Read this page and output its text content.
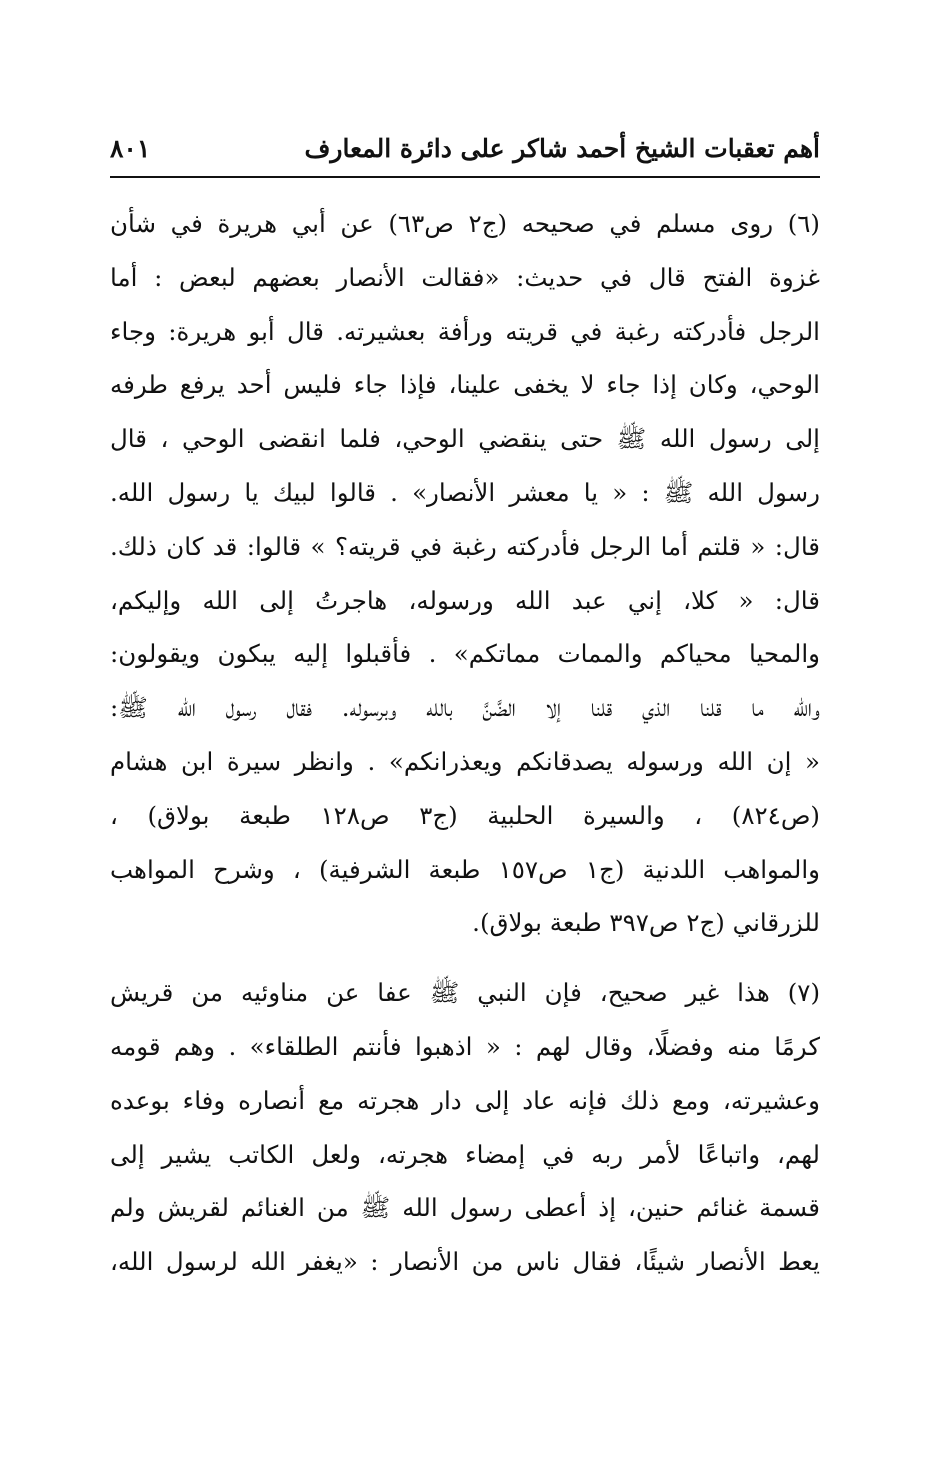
أهم تعقبات الشيخ أحمد شاكر على دائرة المعارف
٨٠١
(٦) روى مسلم في صحيحه (ج٢ ص٦٣) عن أبي هريرة في شأن
غزوة الفتح قال في حديث: «فقالت الأنصار بعضهم لبعض : أما
الرجل فأدركته رغبة في قريته ورأفة بعشيرته. قال أبو هريرة: وجاء
الوحي، وكان إذا جاء لا يخفى علينا، فإذا جاء فليس أحد يرفع طرفه
إلى رسول الله ﷺ حتى ينقضي الوحي، فلما انقضى الوحي ، قال
رسول الله ﷺ : « يا معشر الأنصار» . قالوا لبيك يا رسول الله.
قال: « قلتم أما الرجل فأدركته رغبة في قريته؟ » قالوا: قد كان ذلك.
قال: « كلا، إني عبد الله ورسوله، هاجرتُ إلى الله وإليكم،
والمحيا محياكم والممات مماتكم» . فأقبلوا إليه يبكون ويقولون:
والله ما قلنا الذي قلنا إلا الضَّنَّ بالله وبرسوله. فقال رسول الله ﷺ:
« إن الله ورسوله يصدقانكم ويعذرانكم» . وانظر سيرة ابن هشام
(ص٨٢٤) ، والسيرة الحلبية (ج٣ ص١٢٨ طبعة بولاق) ،
والمواهب اللدنية (ج١ ص١٥٧ طبعة الشرفية) ، وشرح المواهب
للزرقاني (ج٢ ص٣٩٧ طبعة بولاق).
(٧) هذا غير صحيح، فإن النبي ﷺ عفا عن مناوئيه من قريش
كرمًا منه وفضلًا، وقال لهم : « اذهبوا فأنتم الطلقاء» . وهم قومه
وعشيرته، ومع ذلك فإنه عاد إلى دار هجرته مع أنصاره وفاء بوعده
لهم، واتباعًا لأمر ربه في إمضاء هجرته، ولعل الكاتب يشير إلى
قسمة غنائم حنين، إذ أعطى رسول الله ﷺ من الغنائم لقريش ولم
يعط الأنصار شيئًا، فقال ناس من الأنصار : «يغفر الله لرسول الله،
